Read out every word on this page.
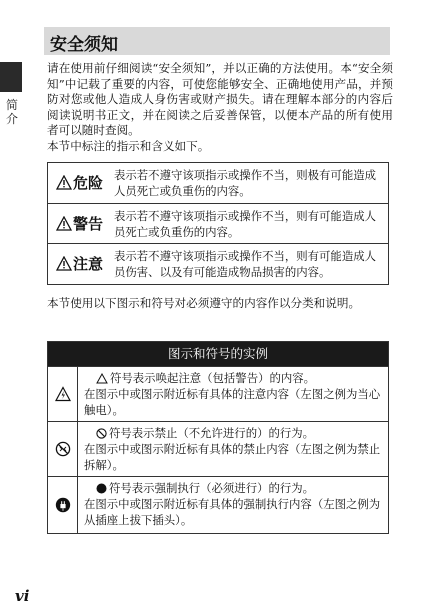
简介
安全须知

请在使用前仔细阅读“安全须知”，并以正确的方法使用。本“安全须知”中记载了重要的内容，可使您能够安全、正确地使用产品，并预防对您或他人造成人身伤害或财产损失。请在理解本部分的内容后阅读说明书正文，并在阅读之后妥善保管，以便本产品的所有使用者可以随时查阅。

本节中标注的指示和含义如下。

危险 表示若不遵守该项指示或操作不当，则极有可能造成人员死亡或负重伤的内容。
警告 表示若不遵守该项指示或操作不当，则有可能造成人员死亡或负重伤的内容。
注意 表示若不遵守该项指示或操作不当，则有可能造成人员伤害、以及有可能造成物品损害的内容。
本节使用以下图示和符号对必须遵守的内容作以分类和说明。
图示和符号的实例
符号表示唤起注意（包括警告）的内容。
在图示中或图示附近标有具体的注意内容（左图之例为当心触电）。
符号表示禁止（不允许进行的）的行为。
在图示中或图示附近标有具体的禁止内容（左图之例为禁止拆解）。
符号表示强制执行（必须进行）的行为。
在图示中或图示附近标有具体的强制执行内容（左图之例为从插座上拔下插头）。
vi
